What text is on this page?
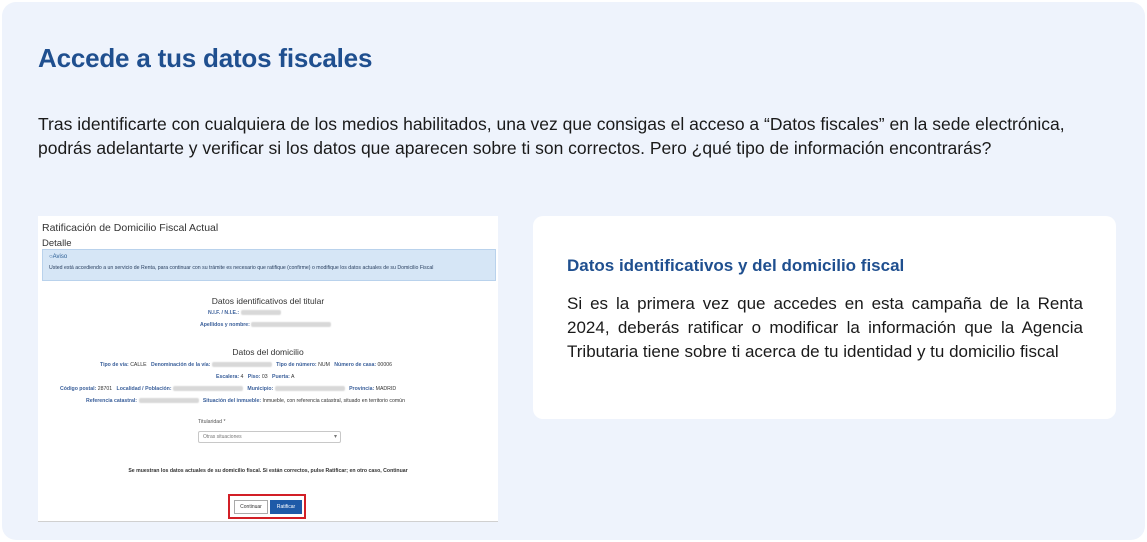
Accede a tus datos fiscales

Tras identificarte con cualquiera de los medios habilitados, una vez que consigas el acceso a “Datos fiscales” en la sede electrónica, podrás adelantarte y verificar si los datos que aparecen sobre ti son correctos. Pero ¿qué tipo de información encontrarás?

Ratificación de Domicilio Fiscal Actual
Detalle
○ Aviso
Usted está accediendo a un servicio de Renta, para continuar con su trámite es necesario que ratifique (confirme) o modifique los datos actuales de su Domicilio Fiscal
Datos identificativos del titular
N.I.F. / N.I.E.:
Apellidos y nombre:
Datos del domicilio
Tipo de vía: CALLE Denominación de la vía:	Tipo de número: NUM Número de casa: 00006
Escalera: 4 Piso: 03 Puerta: A
Código postal: 28701 Localidad / Población:	Municipio:	Provincia: MADRID
Referencia catastral:	Situación del inmueble: Inmueble, con referencia catastral, situado en territorio común
Titularidad *
Otras situaciones ▾
Se muestran los datos actuales de su domicilio fiscal. Si están correctos, pulse Ratificar; en otro caso, Continuar
Continuar	Ratificar
Datos identificativos y del domicilio fiscal

Si es la primera vez que accedes en esta campaña de la Renta 2024, deberás ratificar o modificar la información que la Agencia Tributaria tiene sobre ti acerca de tu identidad y tu domicilio fiscal
